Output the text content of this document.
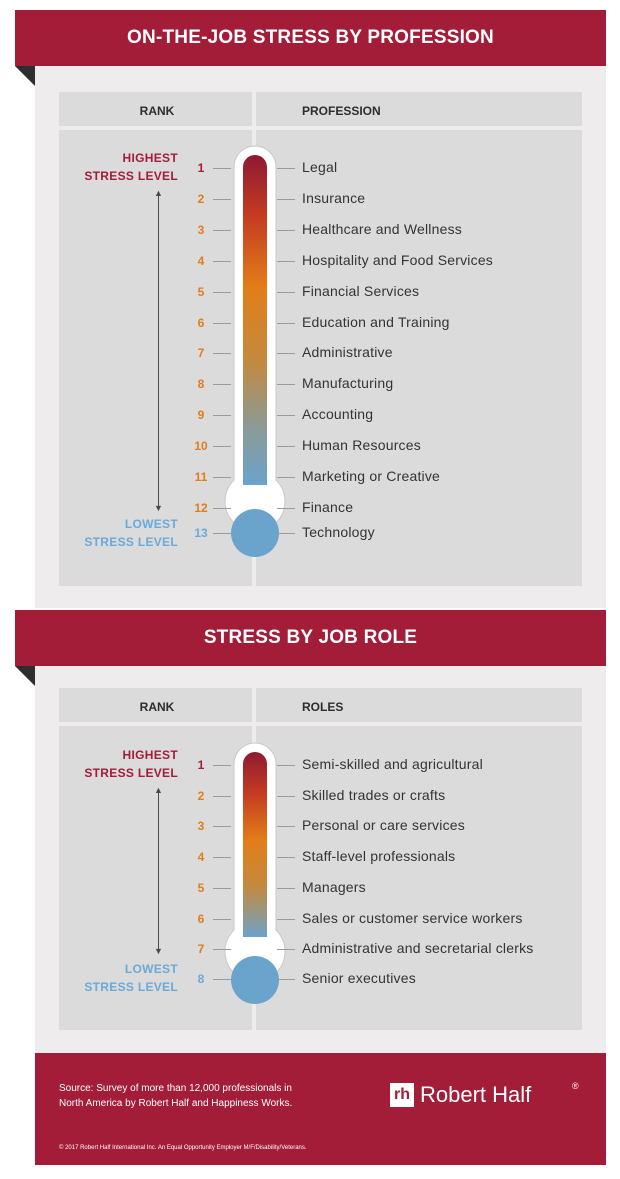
ON-THE-JOB STRESS BY PROFESSION
RANK	PROFESSION
HIGHEST
STRESS LEVEL
LOWEST
STRESS LEVEL
▲
▼
1	Legal
2	Insurance
3	Healthcare and Wellness
4	Hospitality and Food Services
5	Financial Services
6	Education and Training
7	Administrative
8	Manufacturing
9	Accounting
10	Human Resources
11	Marketing or Creative
12	Finance
13	Technology
STRESS BY JOB ROLE
RANK	ROLES
HIGHEST
STRESS LEVEL
LOWEST
STRESS LEVEL
▲
▼
1	Semi-skilled and agricultural
2	Skilled trades or crafts
3	Personal or care services
4	Staff-level professionals
5	Managers
6	Sales or customer service workers
7	Administrative and secretarial clerks
8	Senior executives
Source: Survey of more than 12,000 professionals in
North America by Robert Half and Happiness Works.
rh Robert Half	®
© 2017 Robert Half International Inc. An Equal Opportunity Employer M/F/Disability/Veterans.
